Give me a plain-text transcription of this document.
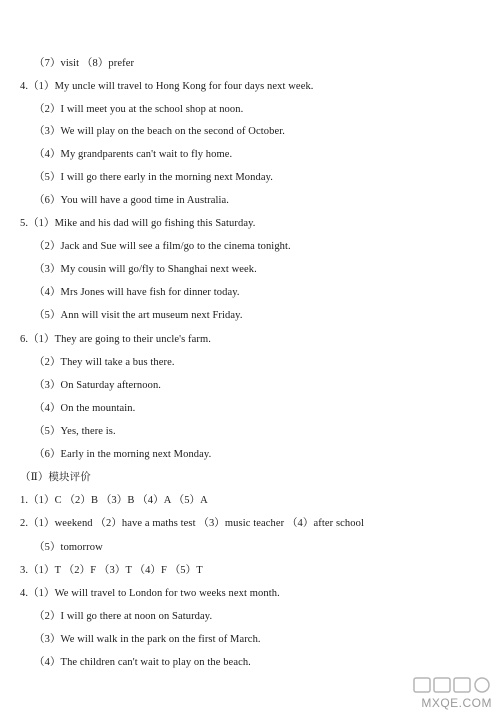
（7）visit （8）prefer
4.（1）My uncle will travel to Hong Kong for four days next week.
（2）I will meet you at the school shop at noon.
（3）We will play on the beach on the second of October.
（4）My grandparents can't wait to fly home.
（5）I will go there early in the morning next Monday.
（6）You will have a good time in Australia.
5.（1）Mike and his dad will go fishing this Saturday.
（2）Jack and Sue will see a film/go to the cinema tonight.
（3）My cousin will go/fly to Shanghai next week.
（4）Mrs Jones will have fish for dinner today.
（5）Ann will visit the art museum next Friday.
6.（1）They are going to their uncle's farm.
（2）They will take a bus there.
（3）On Saturday afternoon.
（4）On the mountain.
（5）Yes, there is.
（6）Early in the morning next Monday.
（Ⅱ）模块评价
1.（1）C （2）B （3）B （4）A （5）A
2.（1）weekend （2）have a maths test （3）music teacher （4）after school
（5）tomorrow
3.（1）T （2）F （3）T （4）F （5）T
4.（1）We will travel to London for two weeks next month.
（2）I will go there at noon on Saturday.
（3）We will walk in the park on the first of March.
（4）The children can't wait to play on the beach.
MXQE.COM
